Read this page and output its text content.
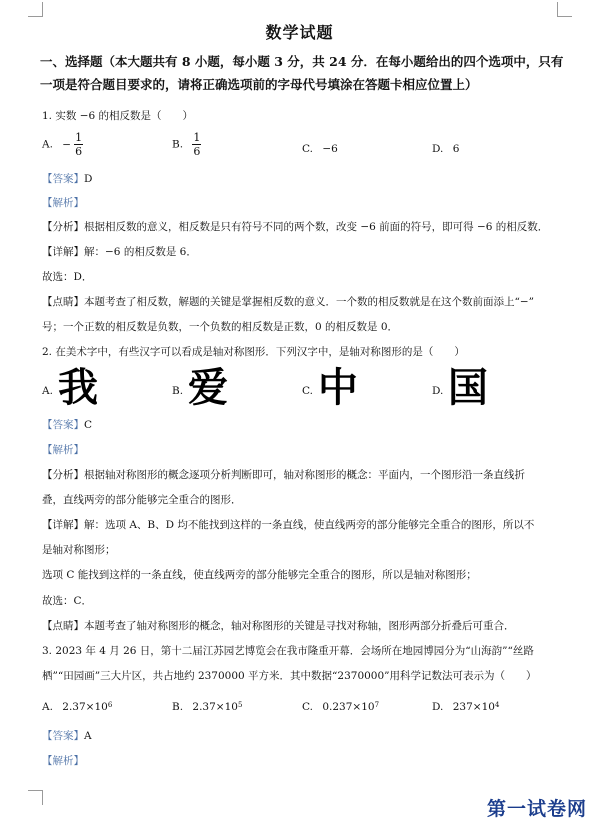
数学试题
一、选择题（本大题共有 8 小题，每小题 3 分，共 24 分．在每小题给出的四个选项中，只有
一项是符合题目要求的，请将正确选项前的字母代号填涂在答题卡相应位置上）
1. 实数 −6 的相反数是（　　）
A. − $\frac{1}{6}$	B. $\frac{1}{6}$	C. −6	D. 6
【答案】D
【解析】
【分析】根据相反数的意义，相反数是只有符号不同的两个数，改变 −6 前面的符号，即可得 −6 的相反数．
【详解】解：−6 的相反数是 6．
故选：D．
【点睛】本题考查了相反数，解题的关键是掌握相反数的意义．一个数的相反数就是在这个数前面添上“−”
号；一个正数的相反数是负数，一个负数的相反数是正数，0 的相反数是 0．
2. 在美术字中，有些汉字可以看成是轴对称图形．下列汉字中，是轴对称图形的是（　　）
A. 我	B. 爱	C. 中	D. 国
【答案】C
【解析】
【分析】根据轴对称图形的概念逐项分析判断即可，轴对称图形的概念：平面内，一个图形沿一条直线折
叠，直线两旁的部分能够完全重合的图形．
【详解】解：选项 A、B、D 均不能找到这样的一条直线，使直线两旁的部分能够完全重合的图形，所以不
是轴对称图形；
选项 C 能找到这样的一条直线，使直线两旁的部分能够完全重合的图形，所以是轴对称图形；
故选：C．
【点睛】本题考查了轴对称图形的概念，轴对称图形的关键是寻找对称轴，图形两部分折叠后可重合．
3. 2023 年 4 月 26 日，第十二届江苏园艺博览会在我市隆重开幕．会场所在地园博园分为“山海韵”“丝路
栖”“田园画”三大片区，共占地约 2370000 平方米．其中数据“2370000”用科学记数法可表示为（　　）
A. $2.37\times 10^6$	B. $2.37\times 10^5$	C. $0.237\times 10^7$	D. $237\times 10^4$
【答案】A
【解析】
第一试卷网
